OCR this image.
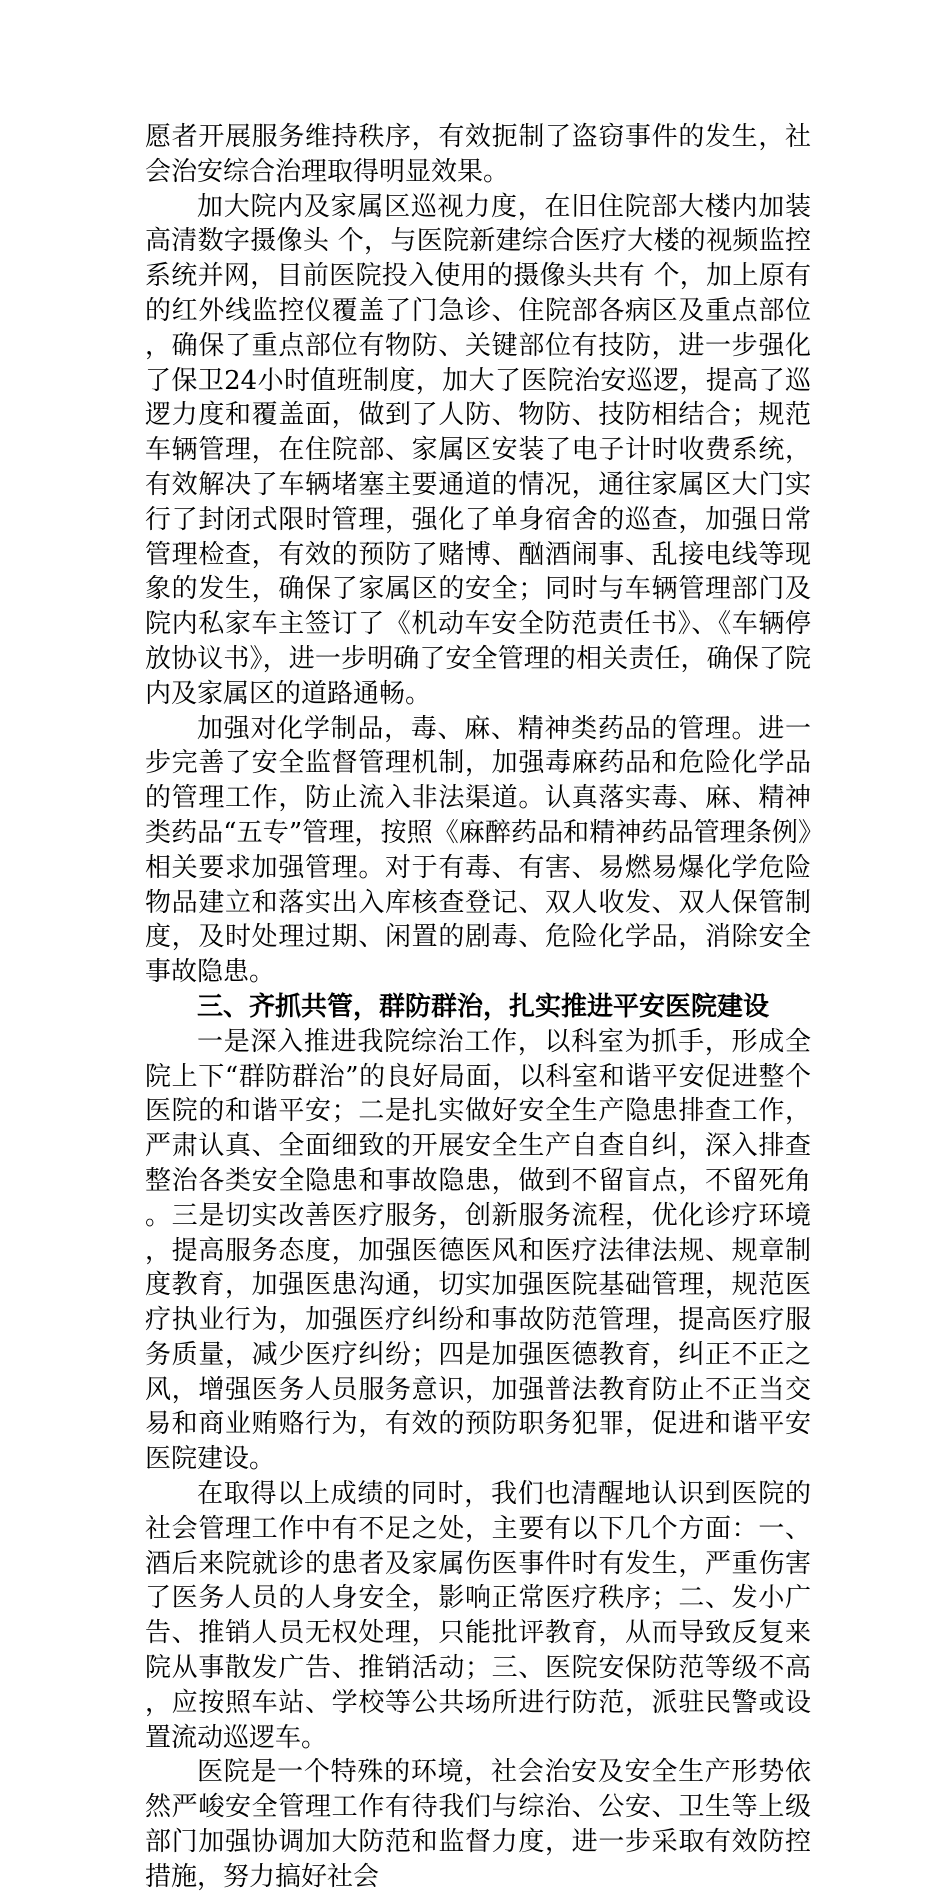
愿者开展服务维持秩序，有效扼制了盗窃事件的发生，社会治安综合治理取得明显效果。

加大院内及家属区巡视力度，在旧住院部大楼内加装高清数字摄像头 个，与医院新建综合医疗大楼的视频监控系统并网，目前医院投入使用的摄像头共有 个，加上原有的红外线监控仪覆盖了门急诊、住院部各病区及重点部位，确保了重点部位有物防、关键部位有技防，进一步强化了保卫24小时值班制度，加大了医院治安巡逻，提高了巡逻力度和覆盖面，做到了人防、物防、技防相结合；规范车辆管理，在住院部、家属区安装了电子计时收费系统，有效解决了车辆堵塞主要通道的情况，通往家属区大门实行了封闭式限时管理，强化了单身宿舍的巡查，加强日常管理检查，有效的预防了赌博、酗酒闹事、乱接电线等现象的发生，确保了家属区的安全；同时与车辆管理部门及院内私家车主签订了《机动车安全防范责任书》、《车辆停放协议书》，进一步明确了安全管理的相关责任，确保了院内及家属区的道路通畅。

加强对化学制品，毒、麻、精神类药品的管理。进一步完善了安全监督管理机制，加强毒麻药品和危险化学品的管理工作，防止流入非法渠道。认真落实毒、麻、精神类药品“五专”管理，按照《麻醉药品和精神药品管理条例》相关要求加强管理。对于有毒、有害、易燃易爆化学危险物品建立和落实出入库核查登记、双人收发、双人保管制度，及时处理过期、闲置的剧毒、危险化学品，消除安全事故隐患。

三、齐抓共管，群防群治，扎实推进平安医院建设

一是深入推进我院综治工作，以科室为抓手，形成全院上下“群防群治”的良好局面，以科室和谐平安促进整个医院的和谐平安；二是扎实做好安全生产隐患排查工作，严肃认真、全面细致的开展安全生产自查自纠，深入排查整治各类安全隐患和事故隐患，做到不留盲点，不留死角。三是切实改善医疗服务，创新服务流程，优化诊疗环境，提高服务态度，加强医德医风和医疗法律法规、规章制度教育，加强医患沟通，切实加强医院基础管理，规范医疗执业行为，加强医疗纠纷和事故防范管理，提高医疗服务质量，减少医疗纠纷；四是加强医德教育，纠正不正之风，增强医务人员服务意识，加强普法教育防止不正当交易和商业贿赂行为，有效的预防职务犯罪，促进和谐平安医院建设。

在取得以上成绩的同时，我们也清醒地认识到医院的社会管理工作中有不足之处，主要有以下几个方面：一、酒后来院就诊的患者及家属伤医事件时有发生，严重伤害了医务人员的人身安全，影响正常医疗秩序；二、发小广告、推销人员无权处理，只能批评教育，从而导致反复来院从事散发广告、推销活动；三、医院安保防范等级不高，应按照车站、学校等公共场所进行防范，派驻民警或设置流动巡逻车。

医院是一个特殊的环境，社会治安及安全生产形势依然严峻安全管理工作有待我们与综治、公安、卫生等上级部门加强协调加大防范和监督力度，进一步采取有效防控措施，努力搞好社会
